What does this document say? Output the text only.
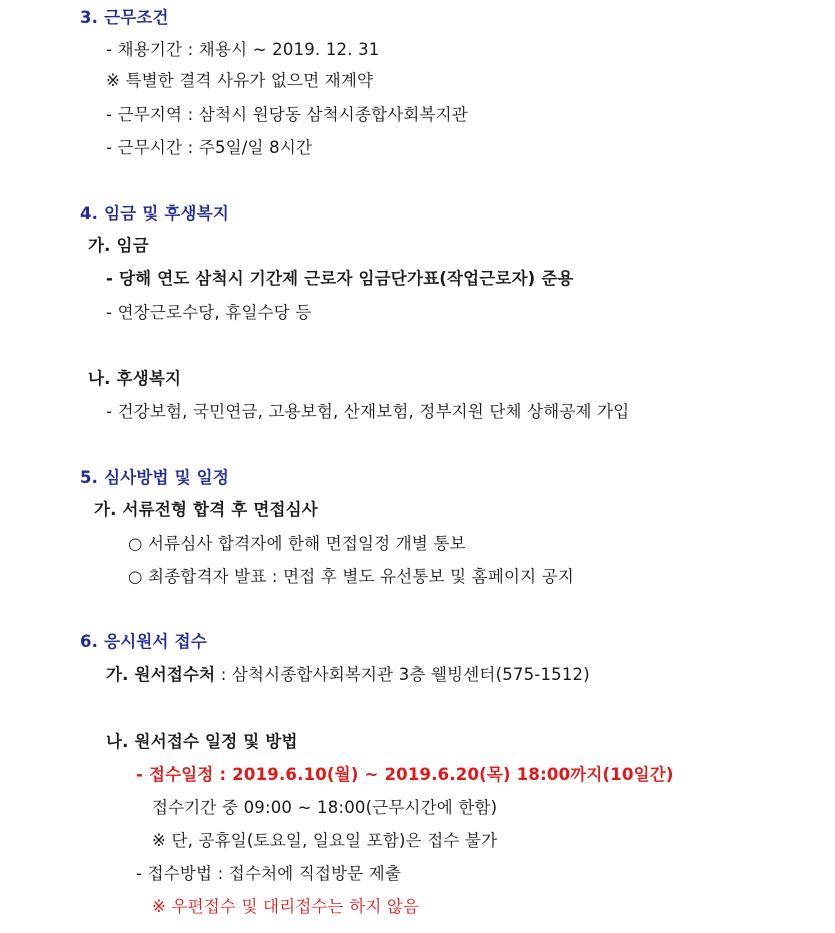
3. 근무조건
- 채용기간 : 채용시 ~ 2019. 12. 31
※ 특별한 결격 사유가 없으면 재계약
- 근무지역 : 삼척시 원당동 삼척시종합사회복지관
- 근무시간 : 주5일/일 8시간
4. 임금 및 후생복지
가. 임금
- 당해 연도 삼척시 기간제 근로자 임금단가표(작업근로자) 준용
- 연장근로수당, 휴일수당 등
나. 후생복지
- 건강보험, 국민연금, 고용보험, 산재보험, 정부지원 단체 상해공제 가입
5. 심사방법 및 일정
가. 서류전형 합격 후 면접심사
○ 서류심사 합격자에 한해 면접일정 개별 통보
○ 최종합격자 발표 : 면접 후 별도 유선통보 및 홈페이지 공지
6. 응시원서 접수
가. 원서접수처 : 삼척시종합사회복지관 3층 웰빙센터(575-1512)
나. 원서접수 일정 및 방법
- 접수일정 : 2019.6.10(월) ~ 2019.6.20(목) 18:00까지(10일간)
접수기간 중 09:00 ~ 18:00(근무시간에 한함)
※ 단, 공휴일(토요일, 일요일 포함)은 접수 불가
- 접수방법 : 접수처에 직접방문 제출
※ 우편접수 및 대리접수는 하지 않음
